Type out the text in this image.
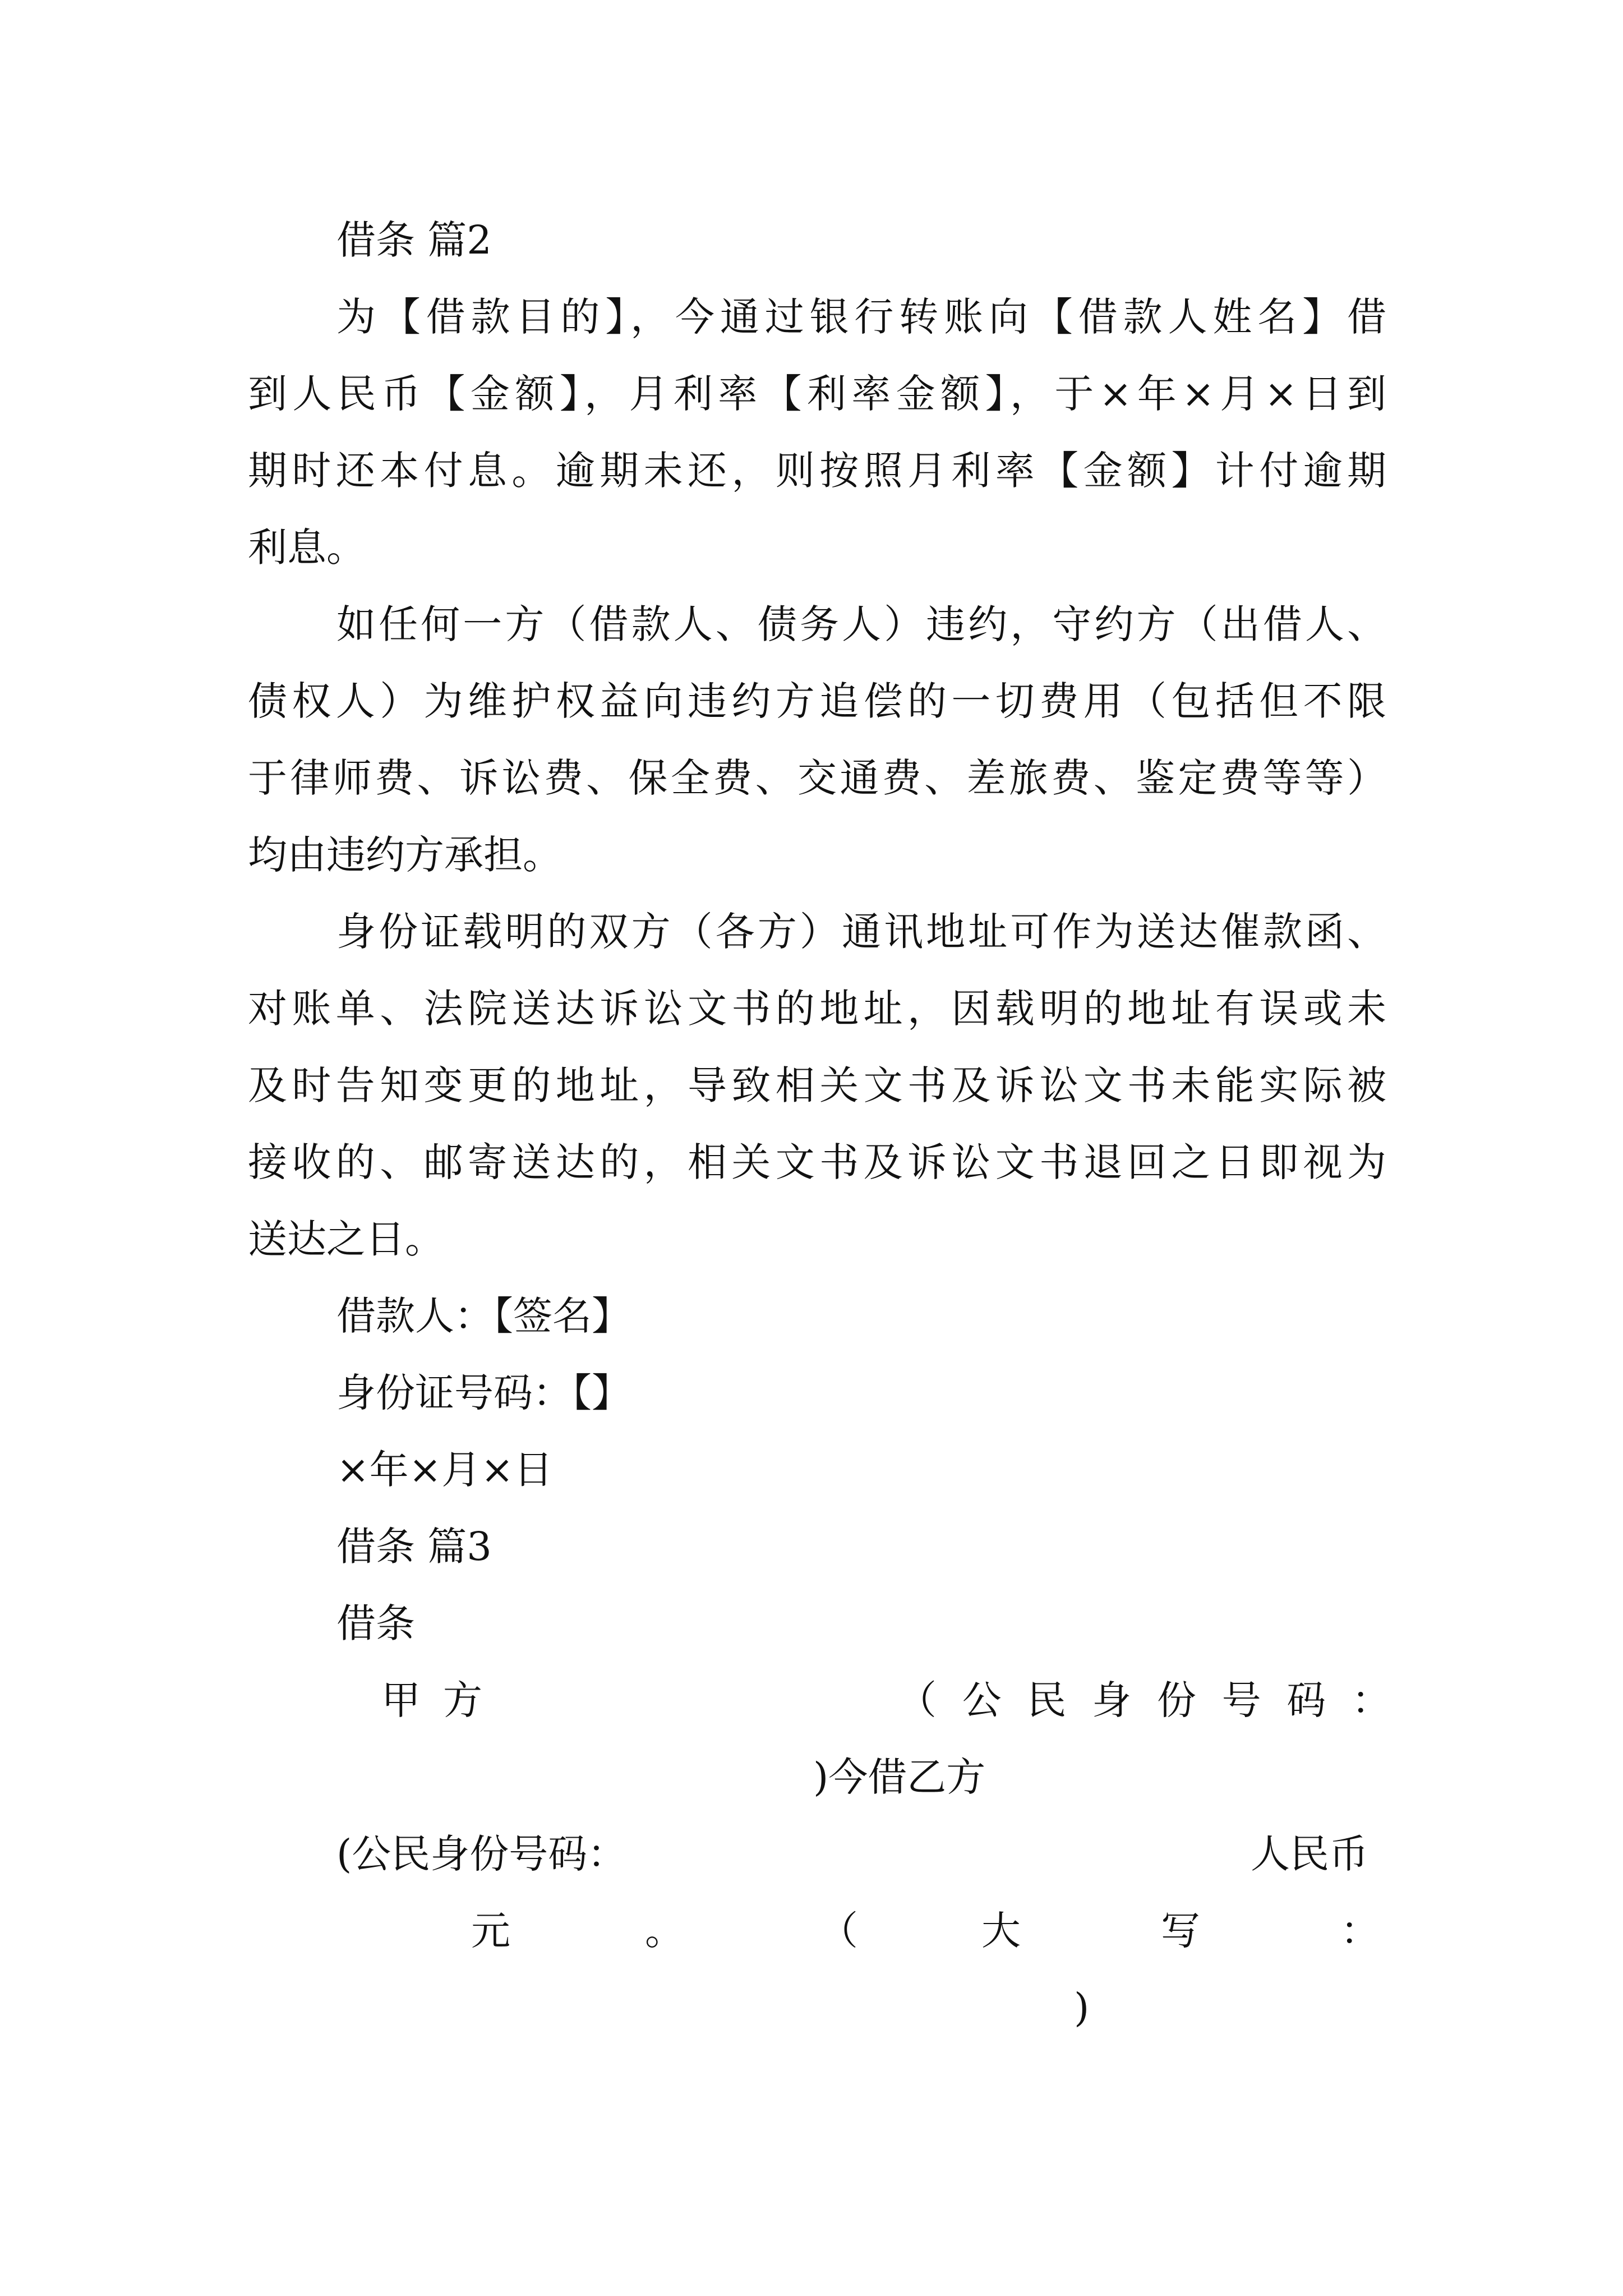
借条 篇2
为【借款目的】，今通过银行转账向【借款人姓名】借
到人民币【金额】，月利率【利率金额】，于×年×月×日到
期时还本付息。逾期未还，则按照月利率【金额】计付逾期
利息。
如任何一方（借款人、债务人）违约，守约方（出借人、
债权人）为维护权益向违约方追偿的一切费用（包括但不限
于律师费、诉讼费、保全费、交通费、差旅费、鉴定费等等）
均由违约方承担。
身份证载明的双方（各方）通讯地址可作为送达催款函、
对账单、法院送达诉讼文书的地址，因载明的地址有误或未
及时告知变更的地址，导致相关文书及诉讼文书未能实际被
接收的、邮寄送达的，相关文书及诉讼文书退回之日即视为
送达之日。
借款人：【签名】
身份证号码：【】
×年×月×日
借条 篇3
借条
甲方	（公民身份号码：
)今借乙方
(公民身份号码：	人民币
元	。	（	大	写	：
)
